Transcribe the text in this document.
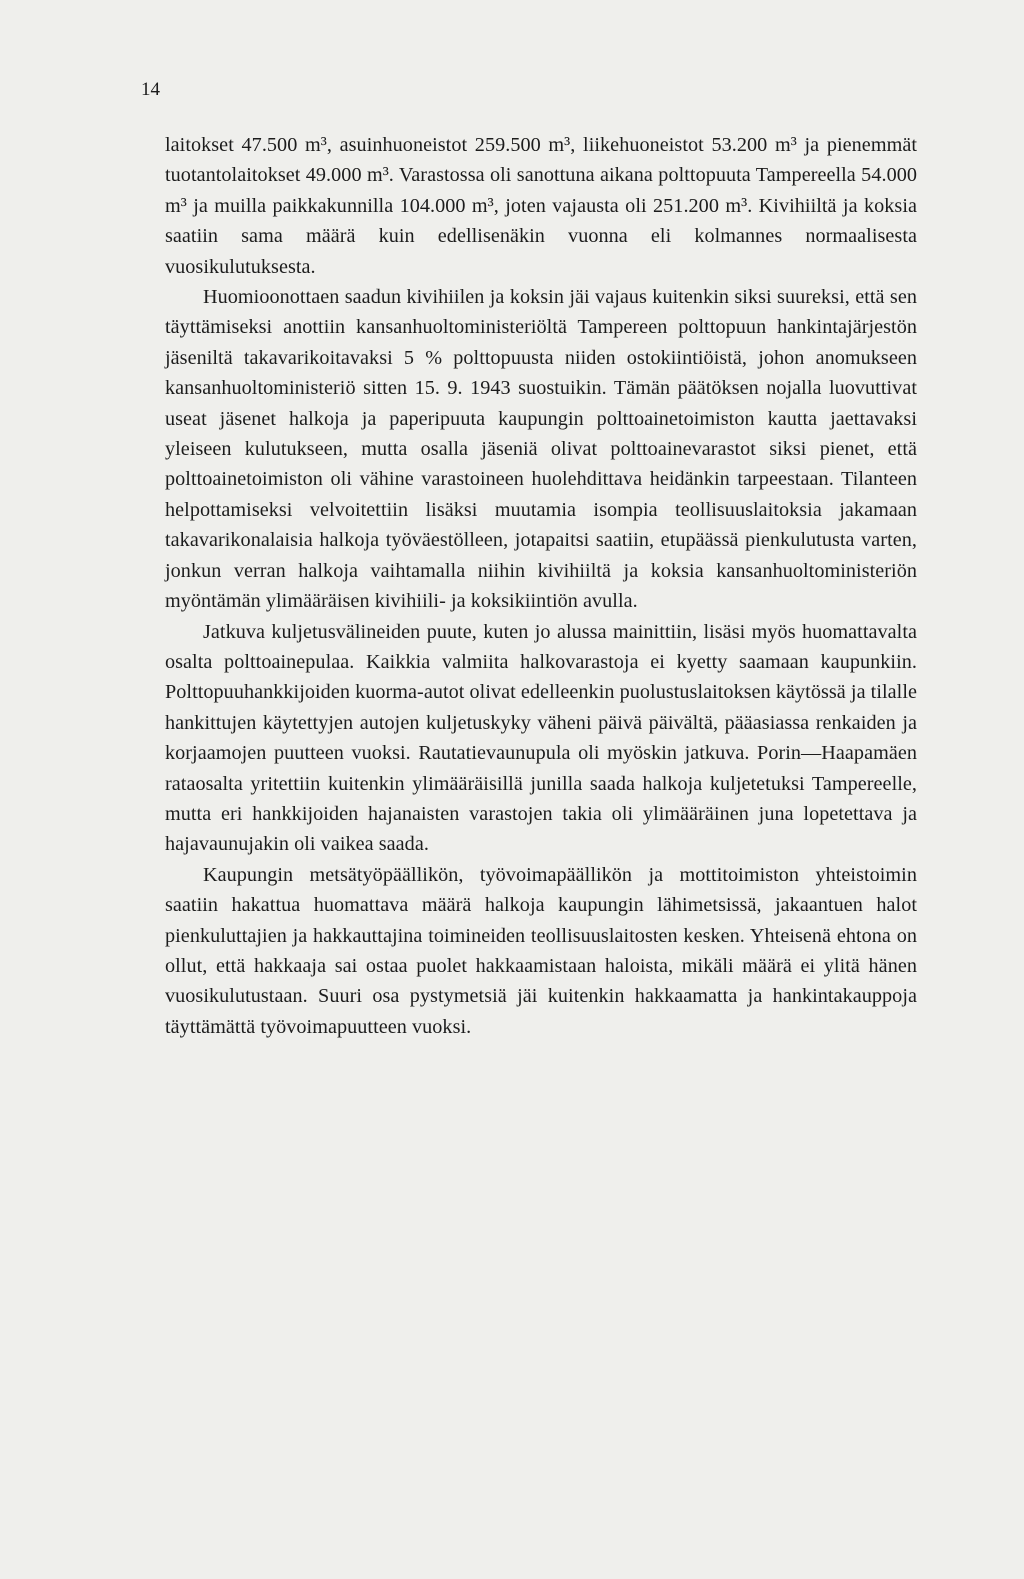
14

laitokset 47.500 m³, asuinhuoneistot 259.500 m³, liikehuoneistot 53.200 m³ ja pienemmät tuotantolaitokset 49.000 m³. Varastossa oli sanottuna aikana polttopuuta Tampereella 54.000 m³ ja muilla paikkakunnilla 104.000 m³, joten vajausta oli 251.200 m³. Kivihiiltä ja koksia saatiin sama määrä kuin edellisenäkin vuonna eli kolmannes normaalisesta vuosikulutuksesta.

Huomioonottaen saadun kivihiilen ja koksin jäi vajaus kuitenkin siksi suureksi, että sen täyttämiseksi anottiin kansanhuoltoministeriöltä Tampereen polttopuun hankintajärjestön jäseniltä takavarikoitavaksi 5 % polttopuusta niiden ostokiintiöistä, johon anomukseen kansanhuoltoministeriö sitten 15. 9. 1943 suostuikin. Tämän päätöksen nojalla luovuttivat useat jäsenet halkoja ja paperipuuta kaupungin polttoainetoimiston kautta jaettavaksi yleiseen kulutukseen, mutta osalla jäseniä olivat polttoainevarastot siksi pienet, että polttoainetoimiston oli vähine varastoineen huolehdittava heidänkin tarpeestaan. Tilanteen helpottamiseksi velvoitettiin lisäksi muutamia isompia teollisuuslaitoksia jakamaan takavarikonalaisia halkoja työväestölleen, jotapaitsi saatiin, etupäässä pienkulutusta varten, jonkun verran halkoja vaihtamalla niihin kivihiiltä ja koksia kansanhuoltoministeriön myöntämän ylimääräisen kivihiili- ja koksikiintiön avulla.

Jatkuva kuljetusvälineiden puute, kuten jo alussa mainittiin, lisäsi myös huomattavalta osalta polttoainepulaa. Kaikkia valmiita halkovarastoja ei kyetty saamaan kaupunkiin. Polttopuuhankkijoiden kuorma-autot olivat edelleenkin puolustuslaitoksen käytössä ja tilalle hankittujen käytettyjen autojen kuljetuskyky väheni päivä päivältä, pääasiassa renkaiden ja korjaamojen puutteen vuoksi. Rautatievaunupula oli myöskin jatkuva. Porin—Haapamäen rataosalta yritettiin kuitenkin ylimääräisillä junilla saada halkoja kuljetetuksi Tampereelle, mutta eri hankkijoiden hajanaisten varastojen takia oli ylimääräinen juna lopetettava ja hajavaunujakin oli vaikea saada.

Kaupungin metsätyöpäällikön, työvoimapäällikön ja mottitoimiston yhteistoimin saatiin hakattua huomattava määrä halkoja kaupungin lähimetsissä, jakaantuen halot pienkuluttajien ja hakkauttajina toimineiden teollisuuslaitosten kesken. Yhteisenä ehtona on ollut, että hakkaaja sai ostaa puolet hakkaamistaan haloista, mikäli määrä ei ylitä hänen vuosikulutustaan. Suuri osa pystymetsiä jäi kuitenkin hakkaamatta ja hankintakauppoja täyttämättä työvoimapuutteen vuoksi.
